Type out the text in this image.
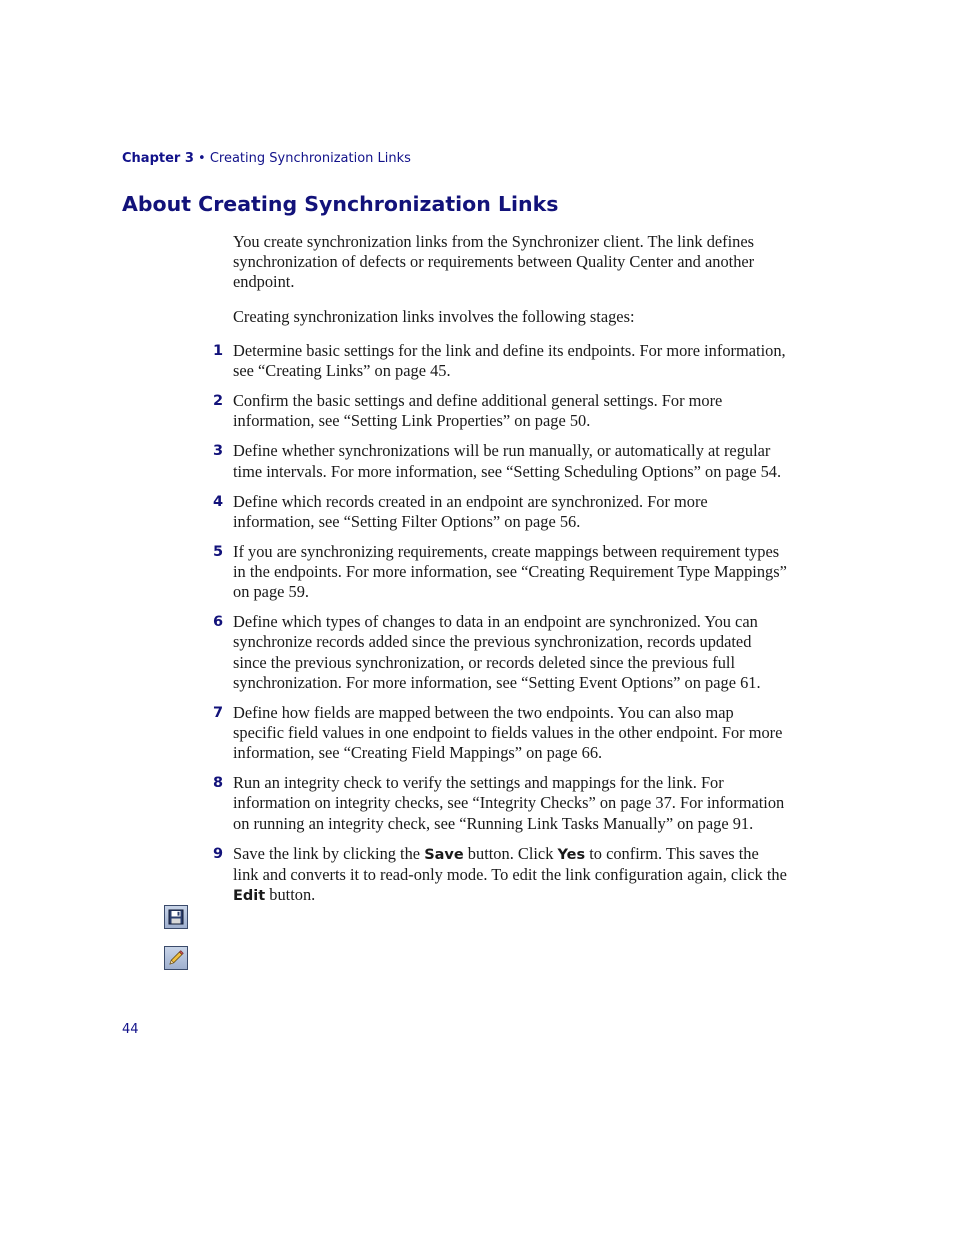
Chapter 3 • Creating Synchronization Links
About Creating Synchronization Links

You create synchronization links from the Synchronizer client. The link defines synchronization of defects or requirements between Quality Center and another endpoint.

Creating synchronization links involves the following stages:

1 Determine basic settings for the link and define its endpoints. For more information, see “Creating Links” on page 45.
2 Confirm the basic settings and define additional general settings. For more information, see “Setting Link Properties” on page 50.
3 Define whether synchronizations will be run manually, or automatically at regular time intervals. For more information, see “Setting Scheduling Options” on page 54.
4 Define which records created in an endpoint are synchronized. For more information, see “Setting Filter Options” on page 56.
5 If you are synchronizing requirements, create mappings between requirement types in the endpoints. For more information, see “Creating Requirement Type Mappings” on page 59.
6 Define which types of changes to data in an endpoint are synchronized. You can synchronize records added since the previous synchronization, records updated since the previous synchronization, or records deleted since the previous full synchronization. For more information, see “Setting Event Options” on page 61.
7 Define how fields are mapped between the two endpoints. You can also map specific field values in one endpoint to fields values in the other endpoint. For more information, see “Creating Field Mappings” on page 66.
8 Run an integrity check to verify the settings and mappings for the link. For information on integrity checks, see “Integrity Checks” on page 37. For information on running an integrity check, see “Running Link Tasks Manually” on page 91.
9 Save the link by clicking the Save button. Click Yes to confirm. This saves the link and converts it to read-only mode. To edit the link configuration again, click the Edit button.
44
